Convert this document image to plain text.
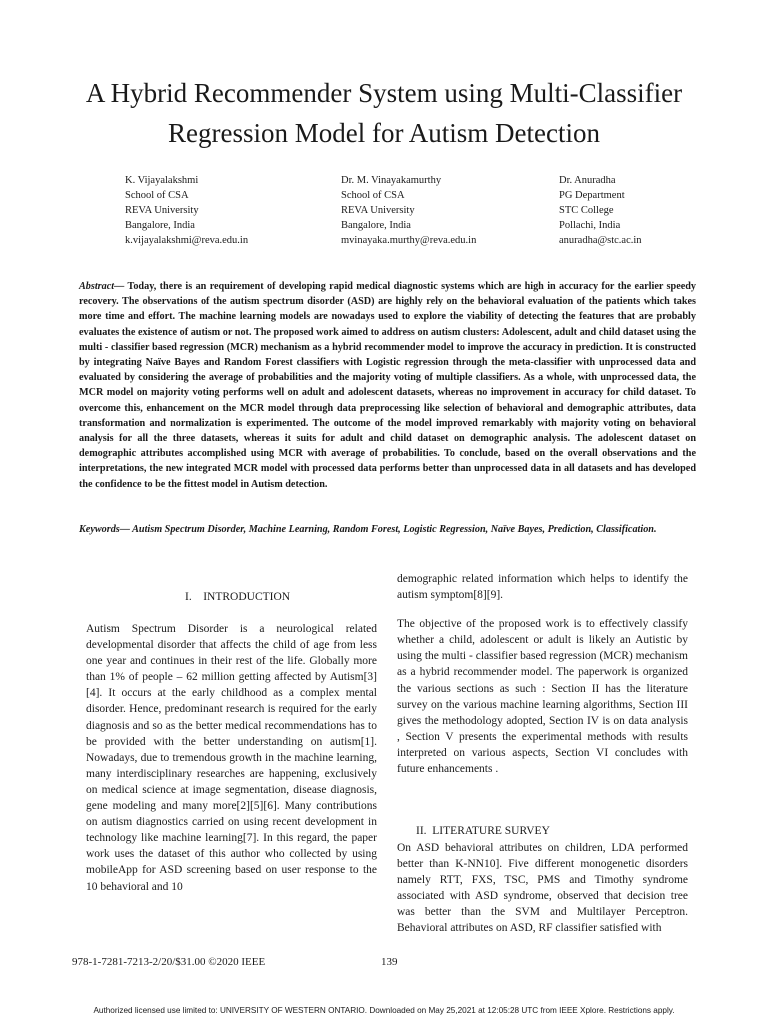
A Hybrid Recommender System using Multi-Classifier Regression Model for Autism Detection
K. Vijayalakshmi
School of CSA
REVA University
Bangalore, India
k.vijayalakshmi@reva.edu.in
Dr. M. Vinayakamurthy
School of CSA
REVA University
Bangalore, India
mvinayaka.murthy@reva.edu.in
Dr. Anuradha
PG Department
STC College
Pollachi, India
anuradha@stc.ac.in
Abstract— Today, there is an requirement of developing rapid medical diagnostic systems which are high in accuracy for the earlier speedy recovery. The observations of the autism spectrum disorder (ASD) are highly rely on the behavioral evaluation of the patients which takes more time and effort. The machine learning models are nowadays used to explore the viability of detecting the features that are probably evaluates the existence of autism or not. The proposed work aimed to address on autism clusters: Adolescent, adult and child dataset using the multi - classifier based regression (MCR) mechanism as a hybrid recommender model to improve the accuracy in prediction. It is constructed by integrating Naïve Bayes and Random Forest classifiers with Logistic regression through the meta-classifier with unprocessed data and evaluated by considering the average of probabilities and the majority voting of multiple classifiers. As a whole, with unprocessed data, the MCR model on majority voting performs well on adult and adolescent datasets, whereas no improvement in accuracy for child dataset. To overcome this, enhancement on the MCR model through data preprocessing like selection of behavioral and demographic attributes, data transformation and normalization is experimented. The outcome of the model improved remarkably with majority voting on behavioral analysis for all the three datasets, whereas it suits for adult and child dataset on demographic analysis. The adolescent dataset on demographic attributes accomplished using MCR with average of probabilities. To conclude, based on the overall observations and the interpretations, the new integrated MCR model with processed data performs better than unprocessed data in all datasets and has developed the confidence to be the fittest model in Autism detection.
Keywords— Autism Spectrum Disorder, Machine Learning, Random Forest, Logistic Regression, Naïve Bayes, Prediction, Classification.
I.    INTRODUCTION

Autism Spectrum Disorder is a neurological related developmental disorder that affects the child of age from less one year and continues in their rest of the life. Globally more than 1% of people – 62 million getting affected by Autism[3][4]. It occurs at the early childhood as a complex mental disorder. Hence, predominant research is required for the early diagnosis and so as the better medical recommendations has to be provided with the better understanding on autism[1]. Nowadays, due to tremendous growth in the machine learning, many interdisciplinary researches are happening, exclusively on medical science at image segmentation, disease diagnosis, gene modeling and many more[2][5][6]. Many contributions on autism diagnostics carried on using recent development in technology like machine learning[7]. In this regard, the paper work uses the dataset of this author who collected by using mobileApp for ASD screening based on user response to the 10 behavioral and 10

demographic related information which helps to identify the autism symptom[8][9].

The objective of the proposed work is to effectively classify whether a child, adolescent or adult is likely an Autistic by using the multi - classifier based regression (MCR) mechanism as a hybrid recommender model. The paperwork is organized the various sections as such : Section II has the literature survey on the various machine learning algorithms, Section III gives the methodology adopted, Section IV is on data analysis , Section V presents the experimental methods with results interpreted on various aspects, Section VI concludes with future enhancements .

II.  LITERATURE SURVEY

On ASD behavioral attributes on children, LDA performed better than K-NN10]. Five different monogenetic disorders namely RTT, FXS, TSC, PMS and Timothy syndrome associated with ASD syndrome, observed that decision tree was better than the SVM and Multilayer Perceptron. Behavioral attributes on ASD, RF classifier satisfied with

978-1-7281-7213-2/20/$31.00 ©2020 IEEE	139
Authorized licensed use limited to: UNIVERSITY OF WESTERN ONTARIO. Downloaded on May 25,2021 at 12:05:28 UTC from IEEE Xplore. Restrictions apply.
